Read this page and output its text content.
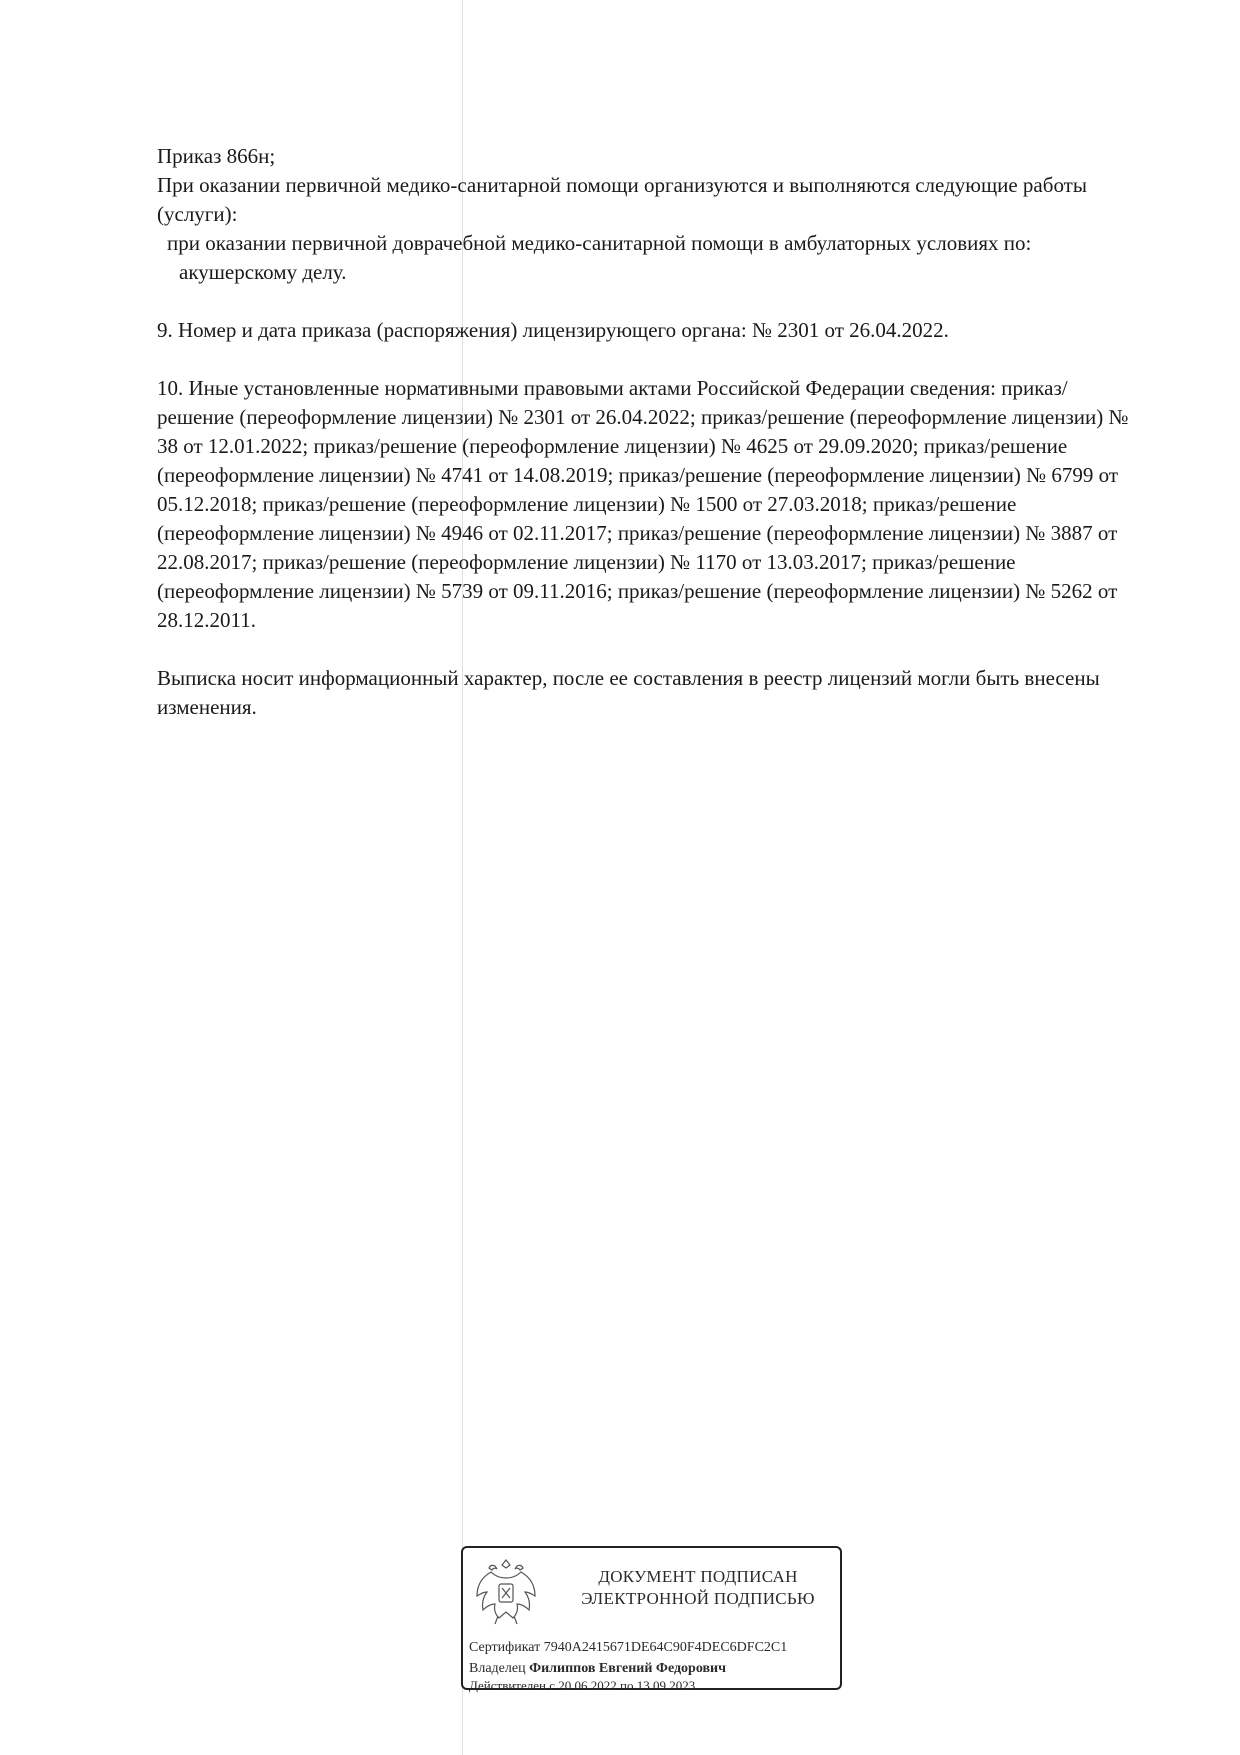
Приказ 866н;

При оказании первичной медико-санитарной помощи организуются и выполняются следующие работы (услуги):

при оказании первичной доврачебной медико-санитарной помощи в амбулаторных условиях по:

акушерскому делу.

9. Номер и дата приказа (распоряжения) лицензирующего органа: № 2301 от 26.04.2022.

10. Иные установленные нормативными правовыми актами Российской Федерации сведения: приказ/решение (переоформление лицензии) № 2301 от 26.04.2022; приказ/решение (переоформление лицензии) № 38 от 12.01.2022; приказ/решение (переоформление лицензии) № 4625 от 29.09.2020; приказ/решение (переоформление лицензии) № 4741 от 14.08.2019; приказ/решение (переоформление лицензии) № 6799 от 05.12.2018; приказ/решение (переоформление лицензии) № 1500 от 27.03.2018; приказ/решение (переоформление лицензии) № 4946 от 02.11.2017; приказ/решение (переоформление лицензии) № 3887 от 22.08.2017; приказ/решение (переоформление лицензии) № 1170 от 13.03.2017; приказ/решение (переоформление лицензии) № 5739 от 09.11.2016; приказ/решение (переоформление лицензии) № 5262 от 28.12.2011.

Выписка носит информационный характер, после ее составления в реестр лицензий могли быть внесены изменения.

ДОКУМЕНТ ПОДПИСАН
ЭЛЕКТРОННОЙ ПОДПИСЬЮ
Сертификат 7940A2415671DE64C90F4DEC6DFC2C1
Владелец Филиппов Евгений Федорович
Действителен с 20.06.2022 по 13.09.2023
